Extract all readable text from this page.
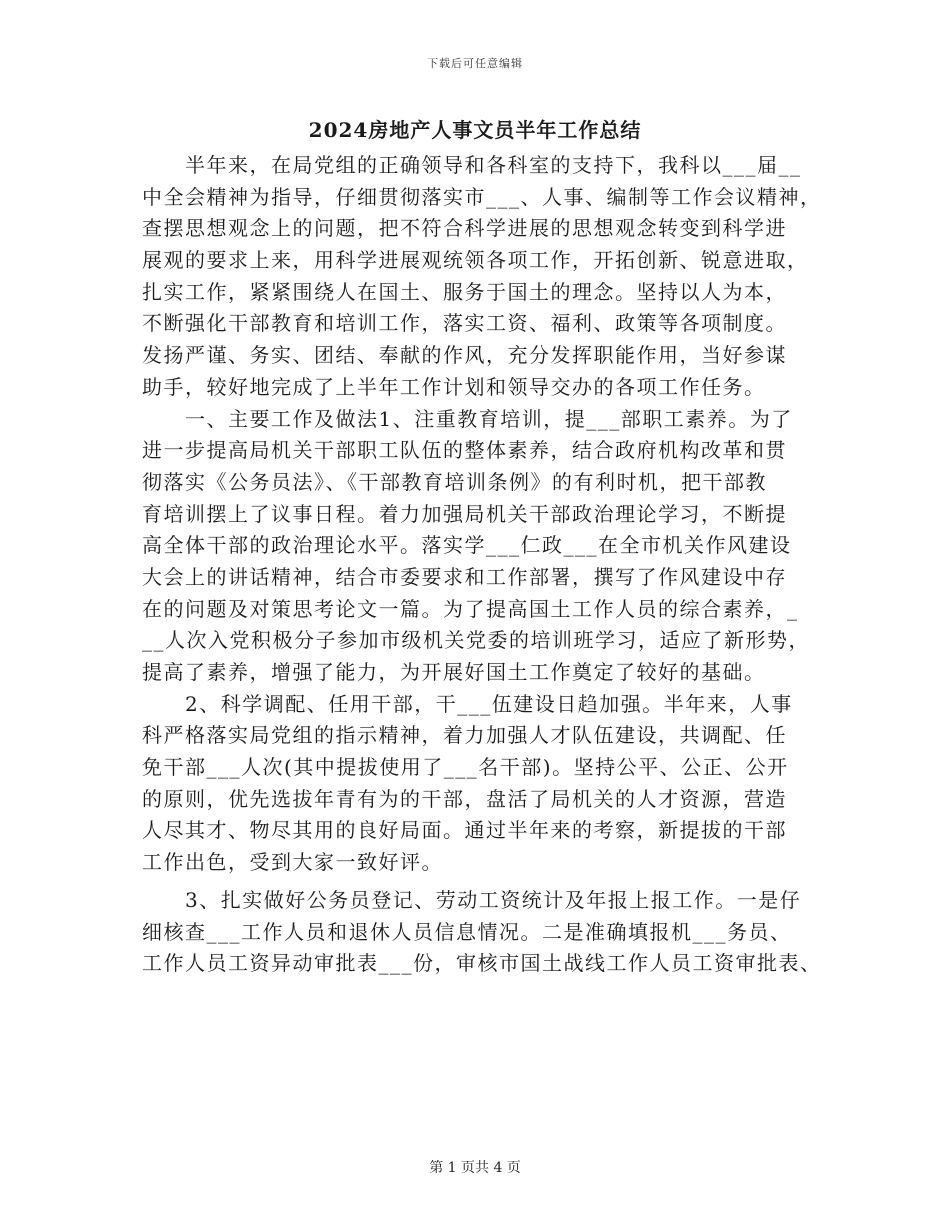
下载后可任意编辑
2024房地产人事文员半年工作总结
　　半年来，在局党组的正确领导和各科室的支持下，我科以___届__
中全会精神为指导，仔细贯彻落实市___、人事、编制等工作会议精神，
查摆思想观念上的问题，把不符合科学进展的思想观念转变到科学进
展观的要求上来，用科学进展观统领各项工作，开拓创新、锐意进取，
扎实工作，紧紧围绕人在国土、服务于国土的理念。坚持以人为本，
不断强化干部教育和培训工作，落实工资、福利、政策等各项制度。
发扬严谨、务实、团结、奉献的作风，充分发挥职能作用，当好参谋
助手，较好地完成了上半年工作计划和领导交办的各项工作任务。
　　一、主要工作及做法1、注重教育培训，提___部职工素养。为了
进一步提高局机关干部职工队伍的整体素养，结合政府机构改革和贯
彻落实《公务员法》、《干部教育培训条例》的有利时机，把干部教
育培训摆上了议事日程。着力加强局机关干部政治理论学习，不断提
高全体干部的政治理论水平。落实学___仁政___在全市机关作风建设
大会上的讲话精神，结合市委要求和工作部署，撰写了作风建设中存
在的问题及对策思考论文一篇。为了提高国土工作人员的综合素养，_
__人次入党积极分子参加市级机关党委的培训班学习，适应了新形势，
提高了素养，增强了能力，为开展好国土工作奠定了较好的基础。
　　2、科学调配、任用干部，干___伍建设日趋加强。半年来，人事
科严格落实局党组的指示精神，着力加强人才队伍建设，共调配、任
免干部___人次(其中提拔使用了___名干部)。坚持公平、公正、公开
的原则，优先选拔年青有为的干部，盘活了局机关的人才资源，营造
人尽其才、物尽其用的良好局面。通过半年来的考察，新提拔的干部
工作出色，受到大家一致好评。
　　3、扎实做好公务员登记、劳动工资统计及年报上报工作。一是仔
细核查___工作人员和退休人员信息情况。二是准确填报机___务员、
工作人员工资异动审批表___份，审核市国土战线工作人员工资审批表、
第 1 页共 4 页
